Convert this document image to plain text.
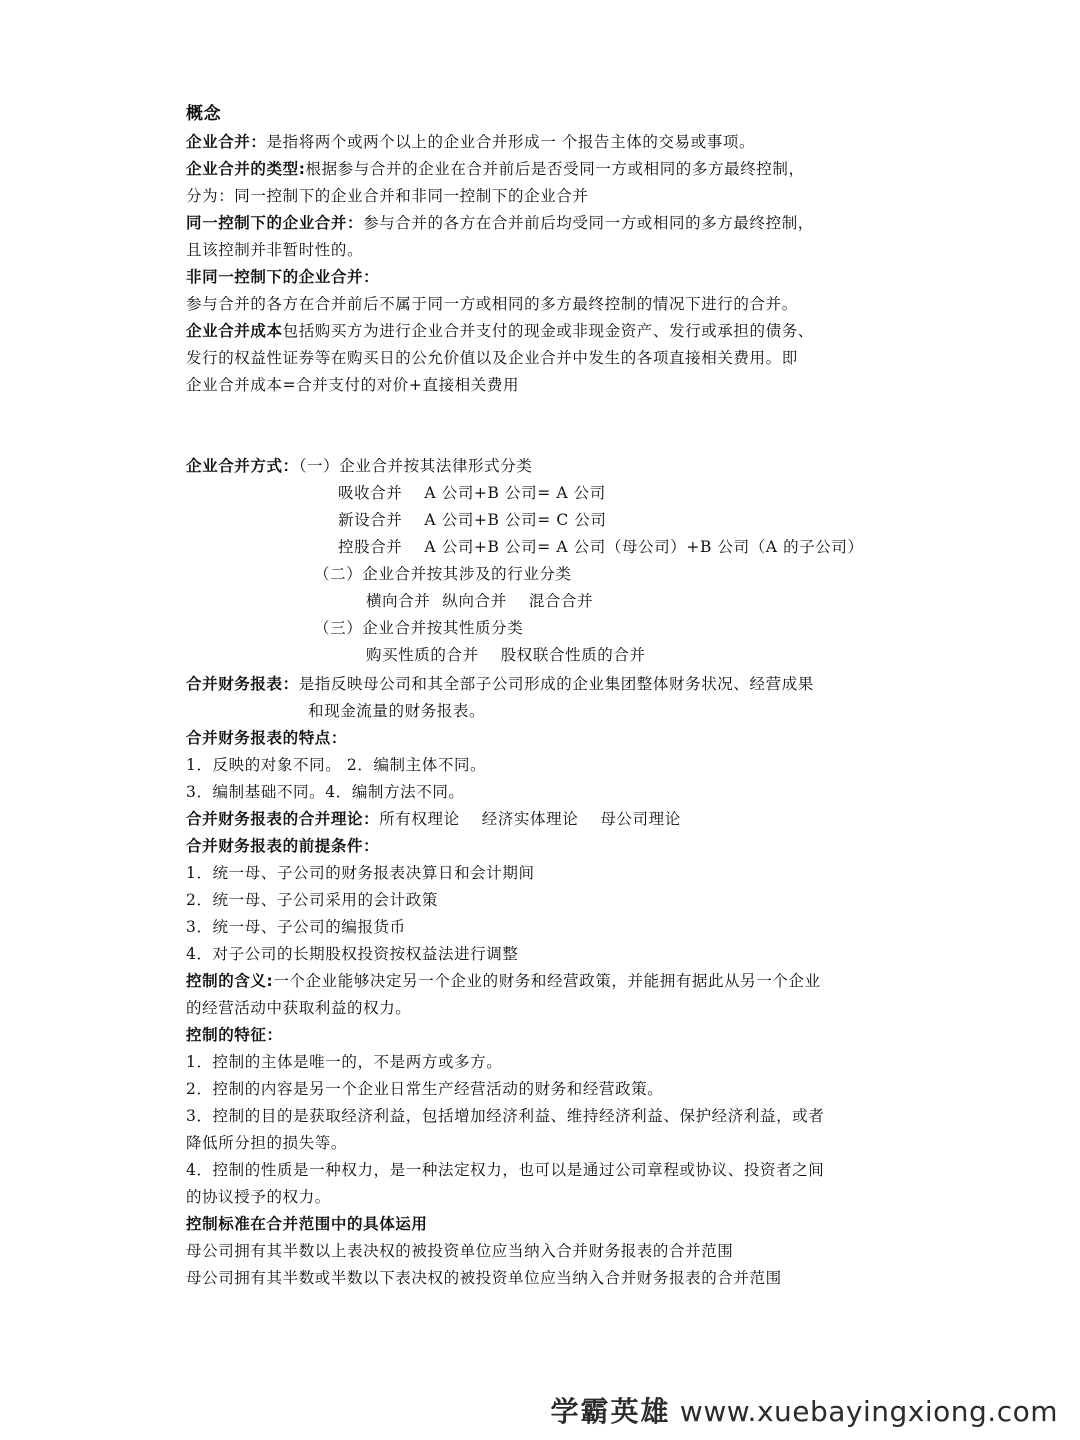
概念
企业合并：是指将两个或两个以上的企业合并形成一 个报告主体的交易或事项。
企业合并的类型:根据参与合并的企业在合并前后是否受同一方或相同的多方最终控制，
分为：同一控制下的企业合并和非同一控制下的企业合并
同一控制下的企业合并：参与合并的各方在合并前后均受同一方或相同的多方最终控制，
且该控制并非暂时性的。
非同一控制下的企业合并：
参与合并的各方在合并前后不属于同一方或相同的多方最终控制的情况下进行的合并。
企业合并成本包括购买方为进行企业合并支付的现金或非现金资产、发行或承担的债务、
发行的权益性证券等在购买日的公允价值以及企业合并中发生的各项直接相关费用。即
企业合并成本=合并支付的对价+直接相关费用
企业合并方式：（一）企业合并按其法律形式分类
吸收合并 A 公司+B 公司= A 公司
新设合并 A 公司+B 公司= C 公司
控股合并 A 公司+B 公司= A 公司（母公司）+B 公司（A 的子公司）
（二）企业合并按其涉及的行业分类
横向合并 纵向合并 混合合并
（三）企业合并按其性质分类
购买性质的合并 股权联合性质的合并
合并财务报表：是指反映母公司和其全部子公司形成的企业集团整体财务状况、经营成果
和现金流量的财务报表。
合并财务报表的特点：
1．反映的对象不同。 2．编制主体不同。
3．编制基础不同。4．编制方法不同。
合并财务报表的合并理论：所有权理论 经济实体理论 母公司理论
合并财务报表的前提条件：
1．统一母、子公司的财务报表决算日和会计期间
2．统一母、子公司采用的会计政策
3．统一母、子公司的编报货币
4．对子公司的长期股权投资按权益法进行调整
控制的含义:一个企业能够决定另一个企业的财务和经营政策，并能拥有据此从另一个企业
的经营活动中获取利益的权力。
控制的特征：
1．控制的主体是唯一的，不是两方或多方。
2．控制的内容是另一个企业日常生产经营活动的财务和经营政策。
3．控制的目的是获取经济利益，包括增加经济利益、维持经济利益、保护经济利益，或者
降低所分担的损失等。
4．控制的性质是一种权力，是一种法定权力，也可以是通过公司章程或协议、投资者之间
的协议授予的权力。
控制标准在合并范围中的具体运用
母公司拥有其半数以上表决权的被投资单位应当纳入合并财务报表的合并范围
母公司拥有其半数或半数以下表决权的被投资单位应当纳入合并财务报表的合并范围
学霸英雄 www.xuebayingxiong.com
